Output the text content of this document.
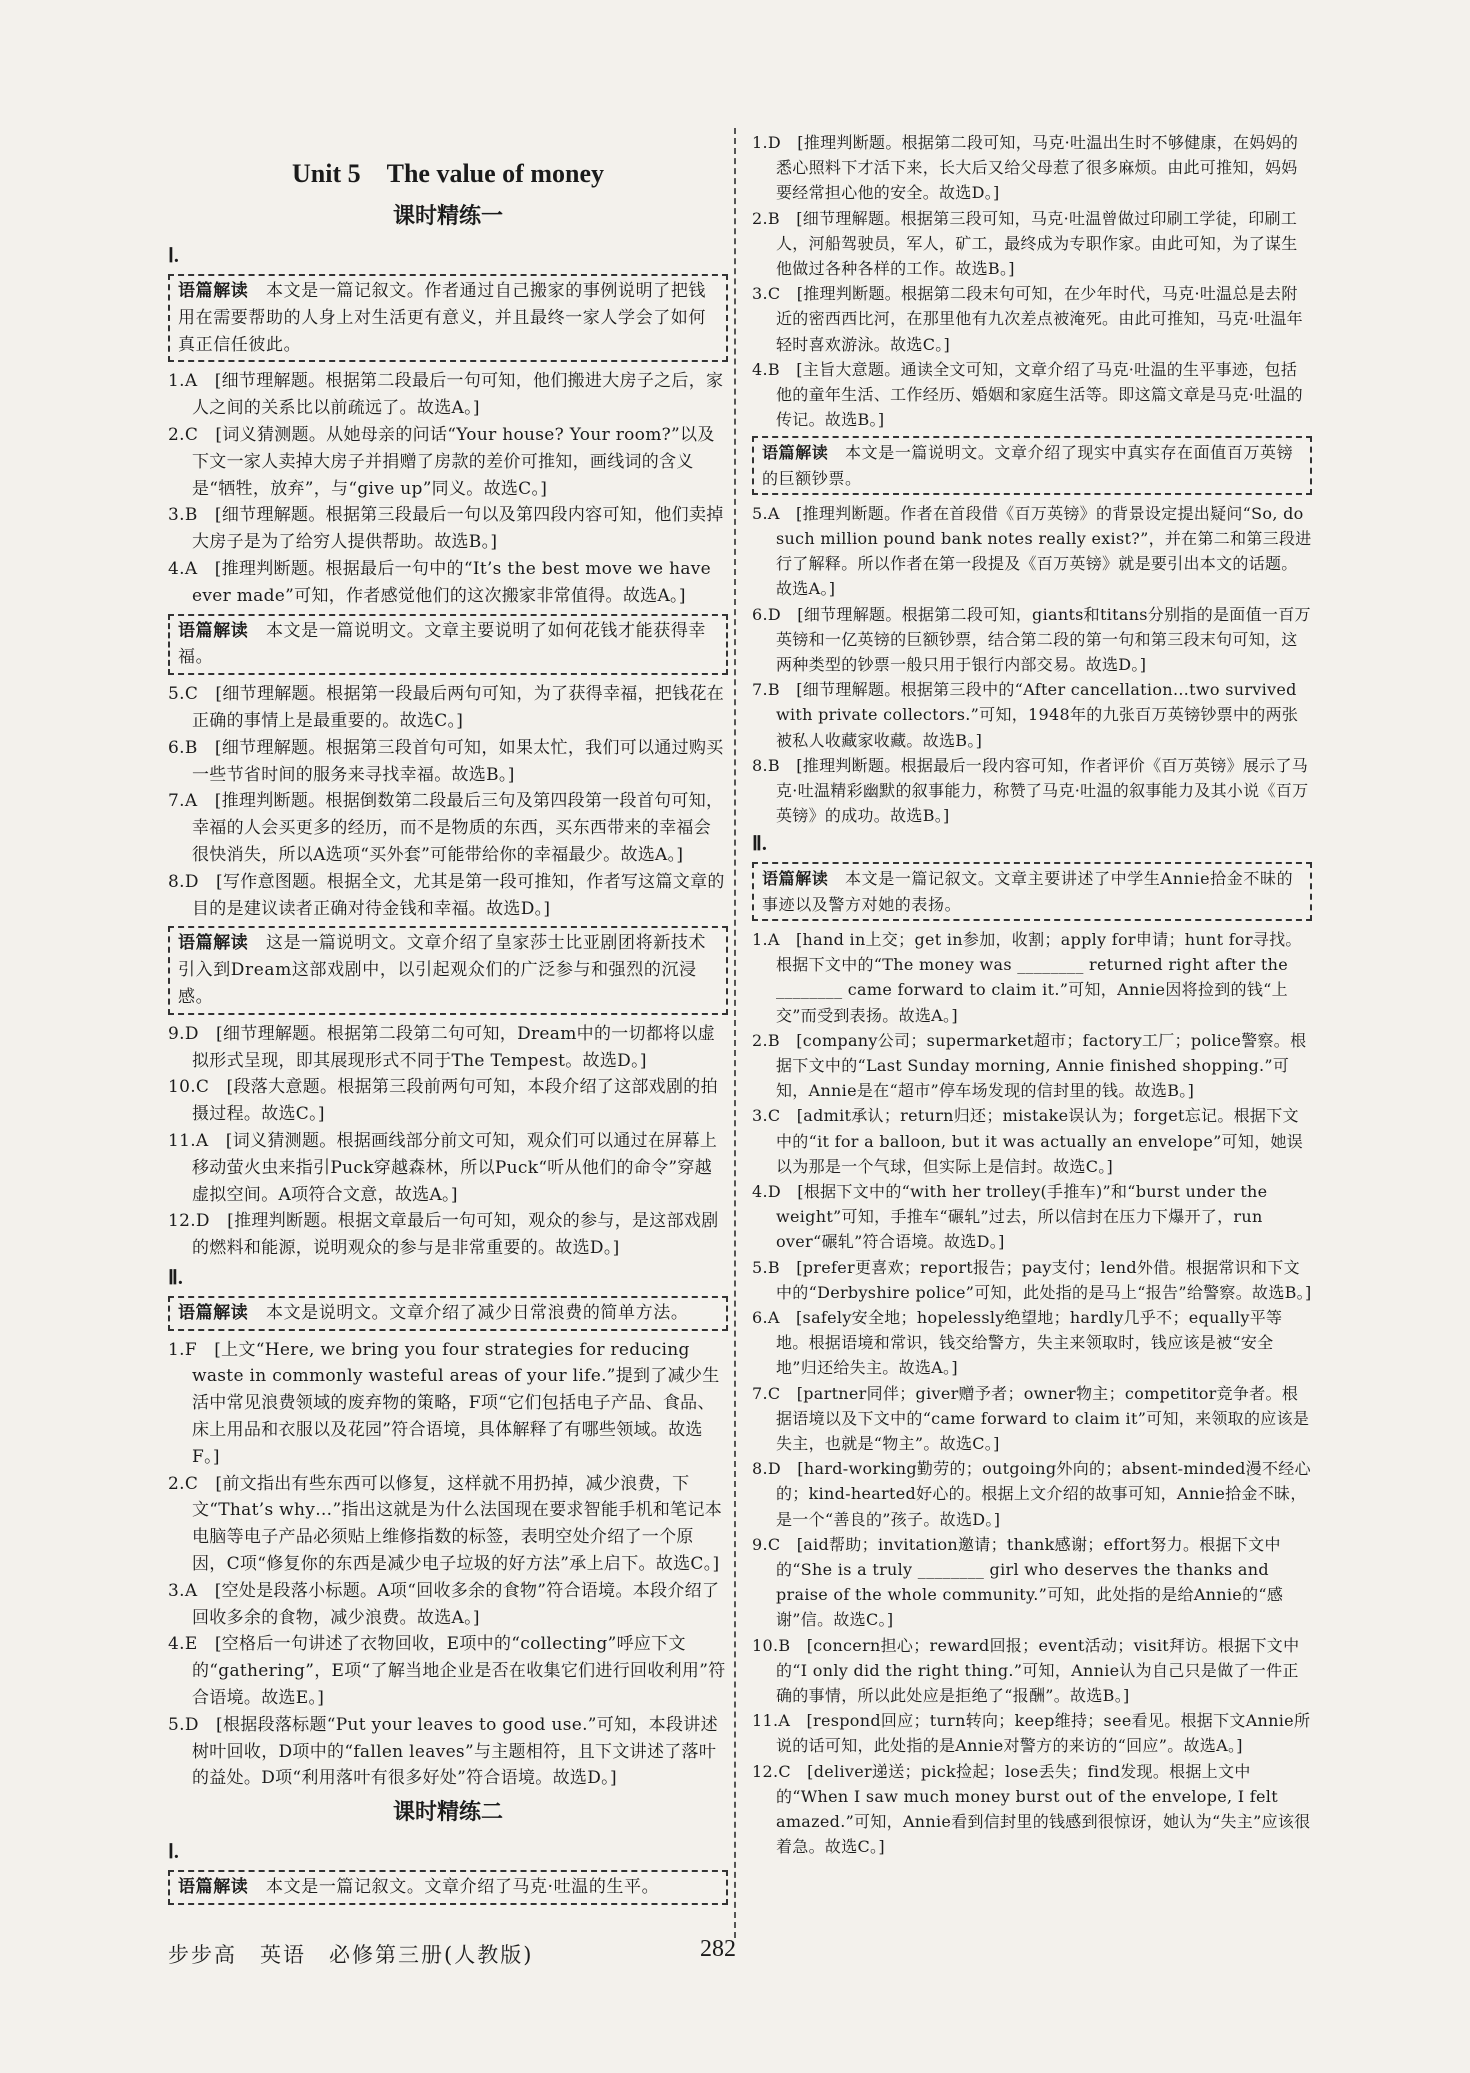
Unit 5　The value of money
课时精练一
Ⅰ.
语篇解读　 本文是一篇记叙文。作者通过自己搬家的事例说明了把钱用在需要帮助的人身上对生活更有意义，并且最终一家人学会了如何真正信任彼此。

1.A　[细节理解题。根据第二段最后一句可知，他们搬进大房子之后，家人之间的关系比以前疏远了。故选A。]

2.C　[词义猜测题。从她母亲的问话“Your house? Your room?”以及下文一家人卖掉大房子并捐赠了房款的差价可推知，画线词的含义是“牺牲，放弃”，与“give up”同义。故选C。]

3.B　[细节理解题。根据第三段最后一句以及第四段内容可知，他们卖掉大房子是为了给穷人提供帮助。故选B。]

4.A　[推理判断题。根据最后一句中的“It’s the best move we have ever made”可知，作者感觉他们的这次搬家非常值得。故选A。]

语篇解读　 本文是一篇说明文。文章主要说明了如何花钱才能获得幸福。

5.C　[细节理解题。根据第一段最后两句可知，为了获得幸福，把钱花在正确的事情上是最重要的。故选C。]

6.B　[细节理解题。根据第三段首句可知，如果太忙，我们可以通过购买一些节省时间的服务来寻找幸福。故选B。]

7.A　[推理判断题。根据倒数第二段最后三句及第四段第一段首句可知，幸福的人会买更多的经历，而不是物质的东西，买东西带来的幸福会很快消失，所以A选项“买外套”可能带给你的幸福最少。故选A。]

8.D　[写作意图题。根据全文，尤其是第一段可推知，作者写这篇文章的目的是建议读者正确对待金钱和幸福。故选D。]

语篇解读　 这是一篇说明文。文章介绍了皇家莎士比亚剧团将新技术引入到Dream这部戏剧中，以引起观众们的广泛参与和强烈的沉浸感。

9.D　[细节理解题。根据第二段第二句可知，Dream中的一切都将以虚拟形式呈现，即其展现形式不同于The Tempest。故选D。]

10.C　[段落大意题。根据第三段前两句可知，本段介绍了这部戏剧的拍摄过程。故选C。]

11.A　[词义猜测题。根据画线部分前文可知，观众们可以通过在屏幕上移动萤火虫来指引Puck穿越森林，所以Puck“听从他们的命令”穿越虚拟空间。A项符合文意，故选A。]

12.D　[推理判断题。根据文章最后一句可知，观众的参与，是这部戏剧的燃料和能源，说明观众的参与是非常重要的。故选D。]

Ⅱ.
语篇解读　 本文是说明文。文章介绍了减少日常浪费的简单方法。

1.F　[上文“Here, we bring you four strategies for reducing waste in commonly wasteful areas of your life.”提到了减少生活中常见浪费领域的废弃物的策略，F项“它们包括电子产品、食品、床上用品和衣服以及花园”符合语境，具体解释了有哪些领域。故选F。]

2.C　[前文指出有些东西可以修复，这样就不用扔掉，减少浪费，下文“That’s why…”指出这就是为什么法国现在要求智能手机和笔记本电脑等电子产品必须贴上维修指数的标签，表明空处介绍了一个原因，C项“修复你的东西是减少电子垃圾的好方法”承上启下。故选C。]

3.A　[空处是段落小标题。A项“回收多余的食物”符合语境。本段介绍了回收多余的食物，减少浪费。故选A。]

4.E　[空格后一句讲述了衣物回收，E项中的“collecting”呼应下文的“gathering”，E项“了解当地企业是否在收集它们进行回收利用”符合语境。故选E。]

5.D　[根据段落标题“Put your leaves to good use.”可知，本段讲述树叶回收，D项中的“fallen leaves”与主题相符，且下文讲述了落叶的益处。D项“利用落叶有很多好处”符合语境。故选D。]

课时精练二
Ⅰ.
语篇解读　 本文是一篇记叙文。文章介绍了马克·吐温的生平。

1.D　[推理判断题。根据第二段可知，马克·吐温出生时不够健康，在妈妈的悉心照料下才活下来，长大后又给父母惹了很多麻烦。由此可推知，妈妈要经常担心他的安全。故选D。]

2.B　[细节理解题。根据第三段可知，马克·吐温曾做过印刷工学徒，印刷工人，河船驾驶员，军人，矿工，最终成为专职作家。由此可知，为了谋生他做过各种各样的工作。故选B。]

3.C　[推理判断题。根据第二段末句可知，在少年时代，马克·吐温总是去附近的密西西比河，在那里他有九次差点被淹死。由此可推知，马克·吐温年轻时喜欢游泳。故选C。]

4.B　[主旨大意题。通读全文可知，文章介绍了马克·吐温的生平事迹，包括他的童年生活、工作经历、婚姻和家庭生活等。即这篇文章是马克·吐温的传记。故选B。]

语篇解读　 本文是一篇说明文。文章介绍了现实中真实存在面值百万英镑的巨额钞票。

5.A　[推理判断题。作者在首段借《百万英镑》的背景设定提出疑问“So, do such million pound bank notes really exist?”，并在第二和第三段进行了解释。所以作者在第一段提及《百万英镑》就是要引出本文的话题。故选A。]

6.D　[细节理解题。根据第二段可知，giants和titans分别指的是面值一百万英镑和一亿英镑的巨额钞票，结合第二段的第一句和第三段末句可知，这两种类型的钞票一般只用于银行内部交易。故选D。]

7.B　[细节理解题。根据第三段中的“After cancellation…two survived with private collectors.”可知，1948年的九张百万英镑钞票中的两张被私人收藏家收藏。故选B。]

8.B　[推理判断题。根据最后一段内容可知，作者评价《百万英镑》展示了马克·吐温精彩幽默的叙事能力，称赞了马克·吐温的叙事能力及其小说《百万英镑》的成功。故选B。]

Ⅱ.
语篇解读　 本文是一篇记叙文。文章主要讲述了中学生Annie拾金不昧的事迹以及警方对她的表扬。

1.A　[hand in上交；get in参加，收割；apply for申请；hunt for寻找。根据下文中的“The money was ________ returned right after the ________ came forward to claim it.”可知，Annie因将捡到的钱“上交”而受到表扬。故选A。]

2.B　[company公司；supermarket超市；factory工厂；police警察。根据下文中的“Last Sunday morning, Annie finished shopping.”可知，Annie是在“超市”停车场发现的信封里的钱。故选B。]

3.C　[admit承认；return归还；mistake误认为；forget忘记。根据下文中的“it for a balloon, but it was actually an envelope”可知，她误以为那是一个气球，但实际上是信封。故选C。]

4.D　[根据下文中的“with her trolley(手推车)”和“burst under the weight”可知，手推车“碾轧”过去，所以信封在压力下爆开了，run over“碾轧”符合语境。故选D。]

5.B　[prefer更喜欢；report报告；pay支付；lend外借。根据常识和下文中的“Derbyshire police”可知，此处指的是马上“报告”给警察。故选B。]

6.A　[safely安全地；hopelessly绝望地；hardly几乎不；equally平等地。根据语境和常识，钱交给警方，失主来领取时，钱应该是被“安全地”归还给失主。故选A。]

7.C　[partner同伴；giver赠予者；owner物主；competitor竞争者。根据语境以及下文中的“came forward to claim it”可知，来领取的应该是失主，也就是“物主”。故选C。]

8.D　[hard-working勤劳的；outgoing外向的；absent-minded漫不经心的；kind-hearted好心的。根据上文介绍的故事可知，Annie拾金不昧，是一个“善良的”孩子。故选D。]

9.C　[aid帮助；invitation邀请；thank感谢；effort努力。根据下文中的“She is a truly ________ girl who deserves the thanks and praise of the whole community.”可知，此处指的是给Annie的“感谢”信。故选C。]

10.B　[concern担心；reward回报；event活动；visit拜访。根据下文中的“I only did the right thing.”可知，Annie认为自己只是做了一件正确的事情，所以此处应是拒绝了“报酬”。故选B。]

11.A　[respond回应；turn转向；keep维持；see看见。根据下文Annie所说的话可知，此处指的是Annie对警方的来访的“回应”。故选A。]

12.C　[deliver递送；pick捡起；lose丢失；find发现。根据上文中的“When I saw much money burst out of the envelope, I felt amazed.”可知，Annie看到信封里的钱感到很惊讶，她认为“失主”应该很着急。故选C。]

步步高　英语　必修第三册(人教版)	282
